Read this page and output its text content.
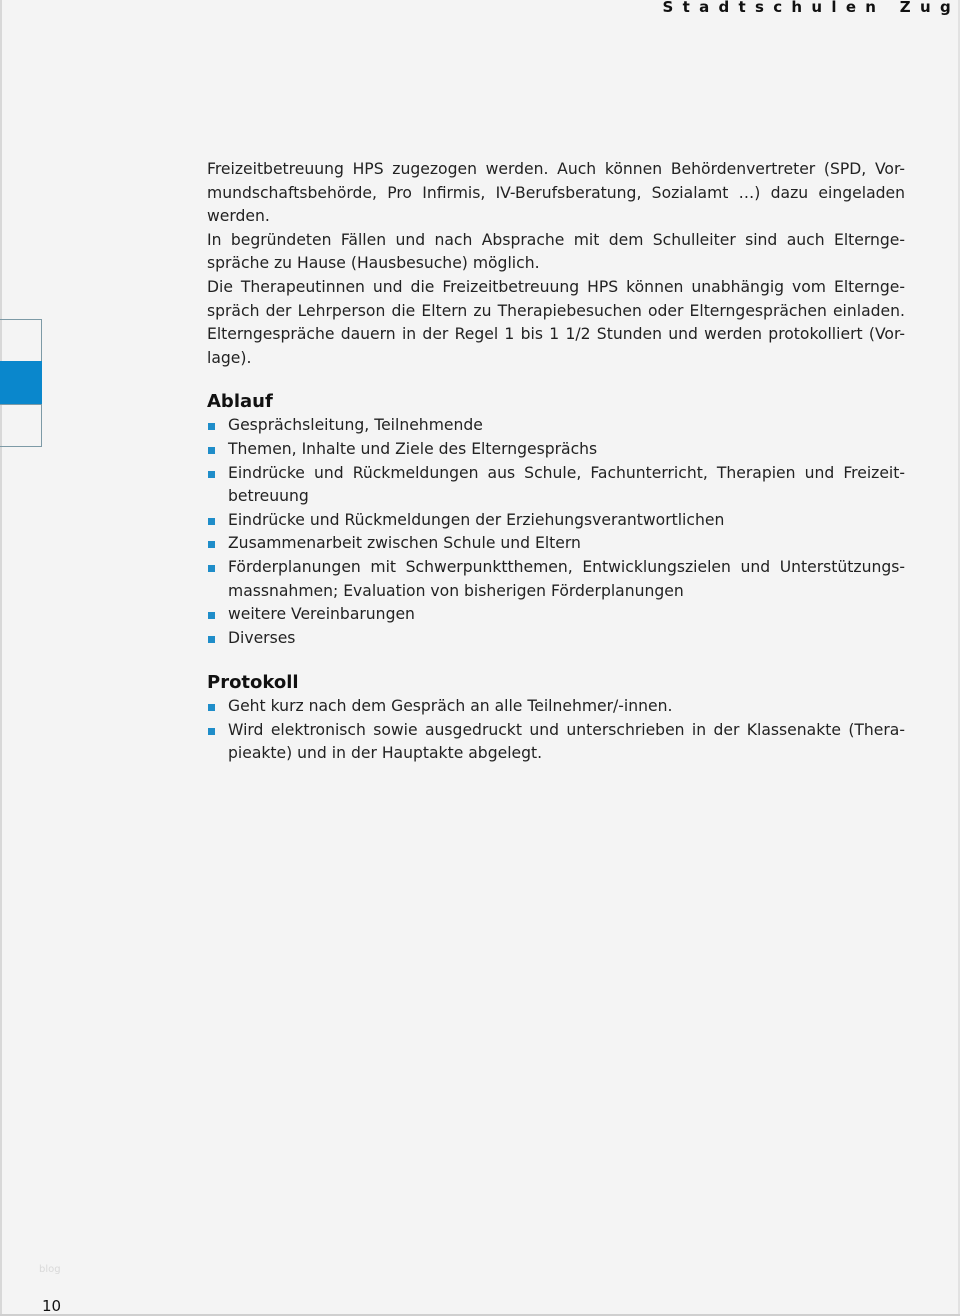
Stadtschulen Zug
Freizeitbetreuung HPS zugezogen werden. Auch können Behördenvertreter (SPD, Vor-
mundschaftsbehörde, Pro Infirmis, IV-Berufsberatung, Sozialamt …) dazu eingeladen
werden.
In begründeten Fällen und nach Absprache mit dem Schulleiter sind auch Elternge-
spräche zu Hause (Hausbesuche) möglich.
Die Therapeutinnen und die Freizeitbetreuung HPS können unabhängig vom Elternge-
spräch der Lehrperson die Eltern zu Therapiebesuchen oder Elterngesprächen einladen.
Elterngespräche dauern in der Regel 1 bis 1 1/2 Stunden und werden protokolliert (Vor-
lage).
Ablauf
Gesprächsleitung, Teilnehmende
Themen, Inhalte und Ziele des Elterngesprächs
Eindrücke und Rückmeldungen aus Schule, Fachunterricht, Therapien und Freizeit-
betreuung
Eindrücke und Rückmeldungen der Erziehungsverantwortlichen
Zusammenarbeit zwischen Schule und Eltern
Förderplanungen mit Schwerpunktthemen, Entwicklungszielen und Unterstützungs-
massnahmen; Evaluation von bisherigen Förderplanungen
weitere Vereinbarungen
Diverses
Protokoll
Geht kurz nach dem Gespräch an alle Teilnehmer/-innen.
Wird elektronisch sowie ausgedruckt und unterschrieben in der Klassenakte (Thera-
pieakte) und in der Hauptakte abgelegt.
blog
10
